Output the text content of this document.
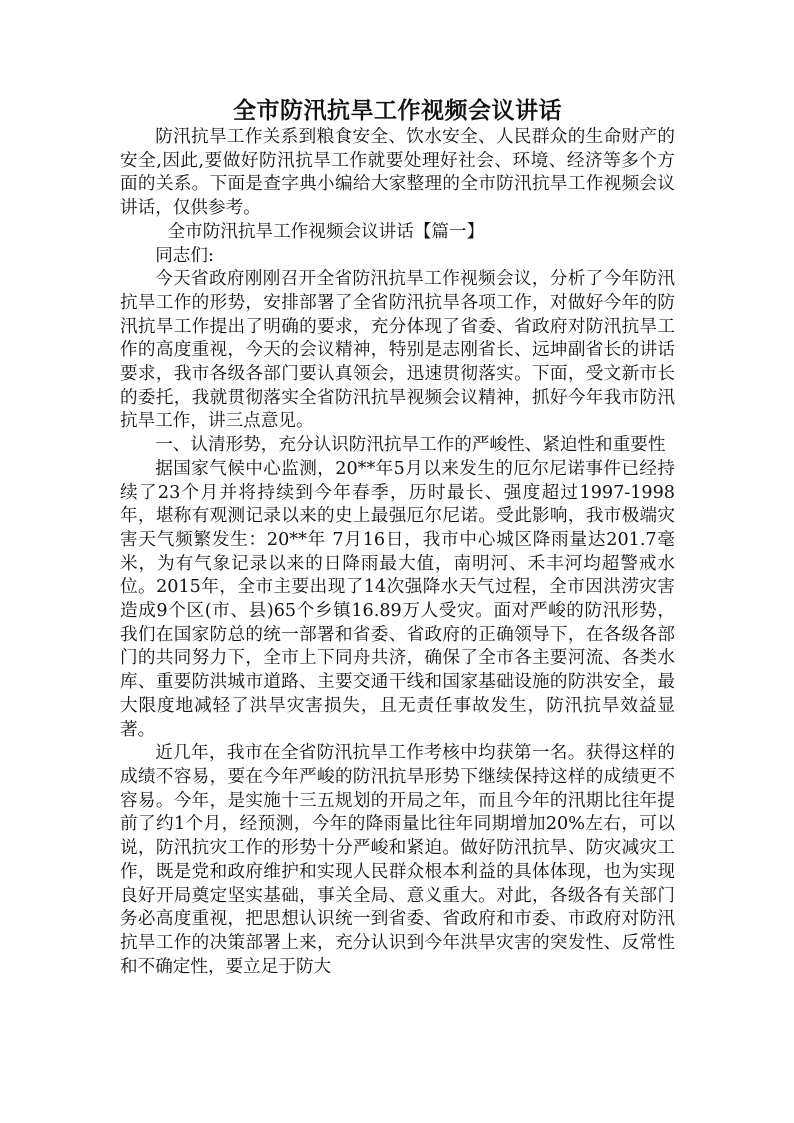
全市防汛抗旱工作视频会议讲话

防汛抗旱工作关系到粮食安全、饮水安全、人民群众的生命财产的安全,因此,要做好防汛抗旱工作就要处理好社会、环境、经济等多个方面的关系。下面是查字典小编给大家整理的全市防汛抗旱工作视频会议讲话，仅供参考。

全市防汛抗旱工作视频会议讲话【篇一】

同志们:

今天省政府刚刚召开全省防汛抗旱工作视频会议，分析了今年防汛抗旱工作的形势，安排部署了全省防汛抗旱各项工作，对做好今年的防汛抗旱工作提出了明确的要求，充分体现了省委、省政府对防汛抗旱工作的高度重视，今天的会议精神，特别是志刚省长、远坤副省长的讲话要求，我市各级各部门要认真领会，迅速贯彻落实。下面，受文新市长的委托，我就贯彻落实全省防汛抗旱视频会议精神，抓好今年我市防汛抗旱工作，讲三点意见。

一、认清形势，充分认识防汛抗旱工作的严峻性、紧迫性和重要性

据国家气候中心监测，20**年5月以来发生的厄尔尼诺事件已经持续了23个月并将持续到今年春季，历时最长、强度超过1997-1998年，堪称有观测记录以来的史上最强厄尔尼诺。受此影响，我市极端灾害天气频繁发生：20**年 7月16日，我市中心城区降雨量达201.7毫米，为有气象记录以来的日降雨最大值，南明河、禾丰河均超警戒水位。2015年，全市主要出现了14次强降水天气过程，全市因洪涝灾害造成9个区(市、县)65个乡镇16.89万人受灾。面对严峻的防汛形势，我们在国家防总的统一部署和省委、省政府的正确领导下，在各级各部门的共同努力下，全市上下同舟共济，确保了全市各主要河流、各类水库、重要防洪城市道路、主要交通干线和国家基础设施的防洪安全，最大限度地减轻了洪旱灾害损失，且无责任事故发生，防汛抗旱效益显著。

近几年，我市在全省防汛抗旱工作考核中均获第一名。获得这样的成绩不容易，要在今年严峻的防汛抗旱形势下继续保持这样的成绩更不容易。今年，是实施十三五规划的开局之年，而且今年的汛期比往年提前了约1个月，经预测，今年的降雨量比往年同期增加20%左右，可以说，防汛抗灾工作的形势十分严峻和紧迫。做好防汛抗旱、防灾减灾工作，既是党和政府维护和实现人民群众根本利益的具体体现，也为实现良好开局奠定坚实基础，事关全局、意义重大。对此，各级各有关部门务必高度重视，把思想认识统一到省委、省政府和市委、市政府对防汛抗旱工作的决策部署上来，充分认识到今年洪旱灾害的突发性、反常性和不确定性，要立足于防大
